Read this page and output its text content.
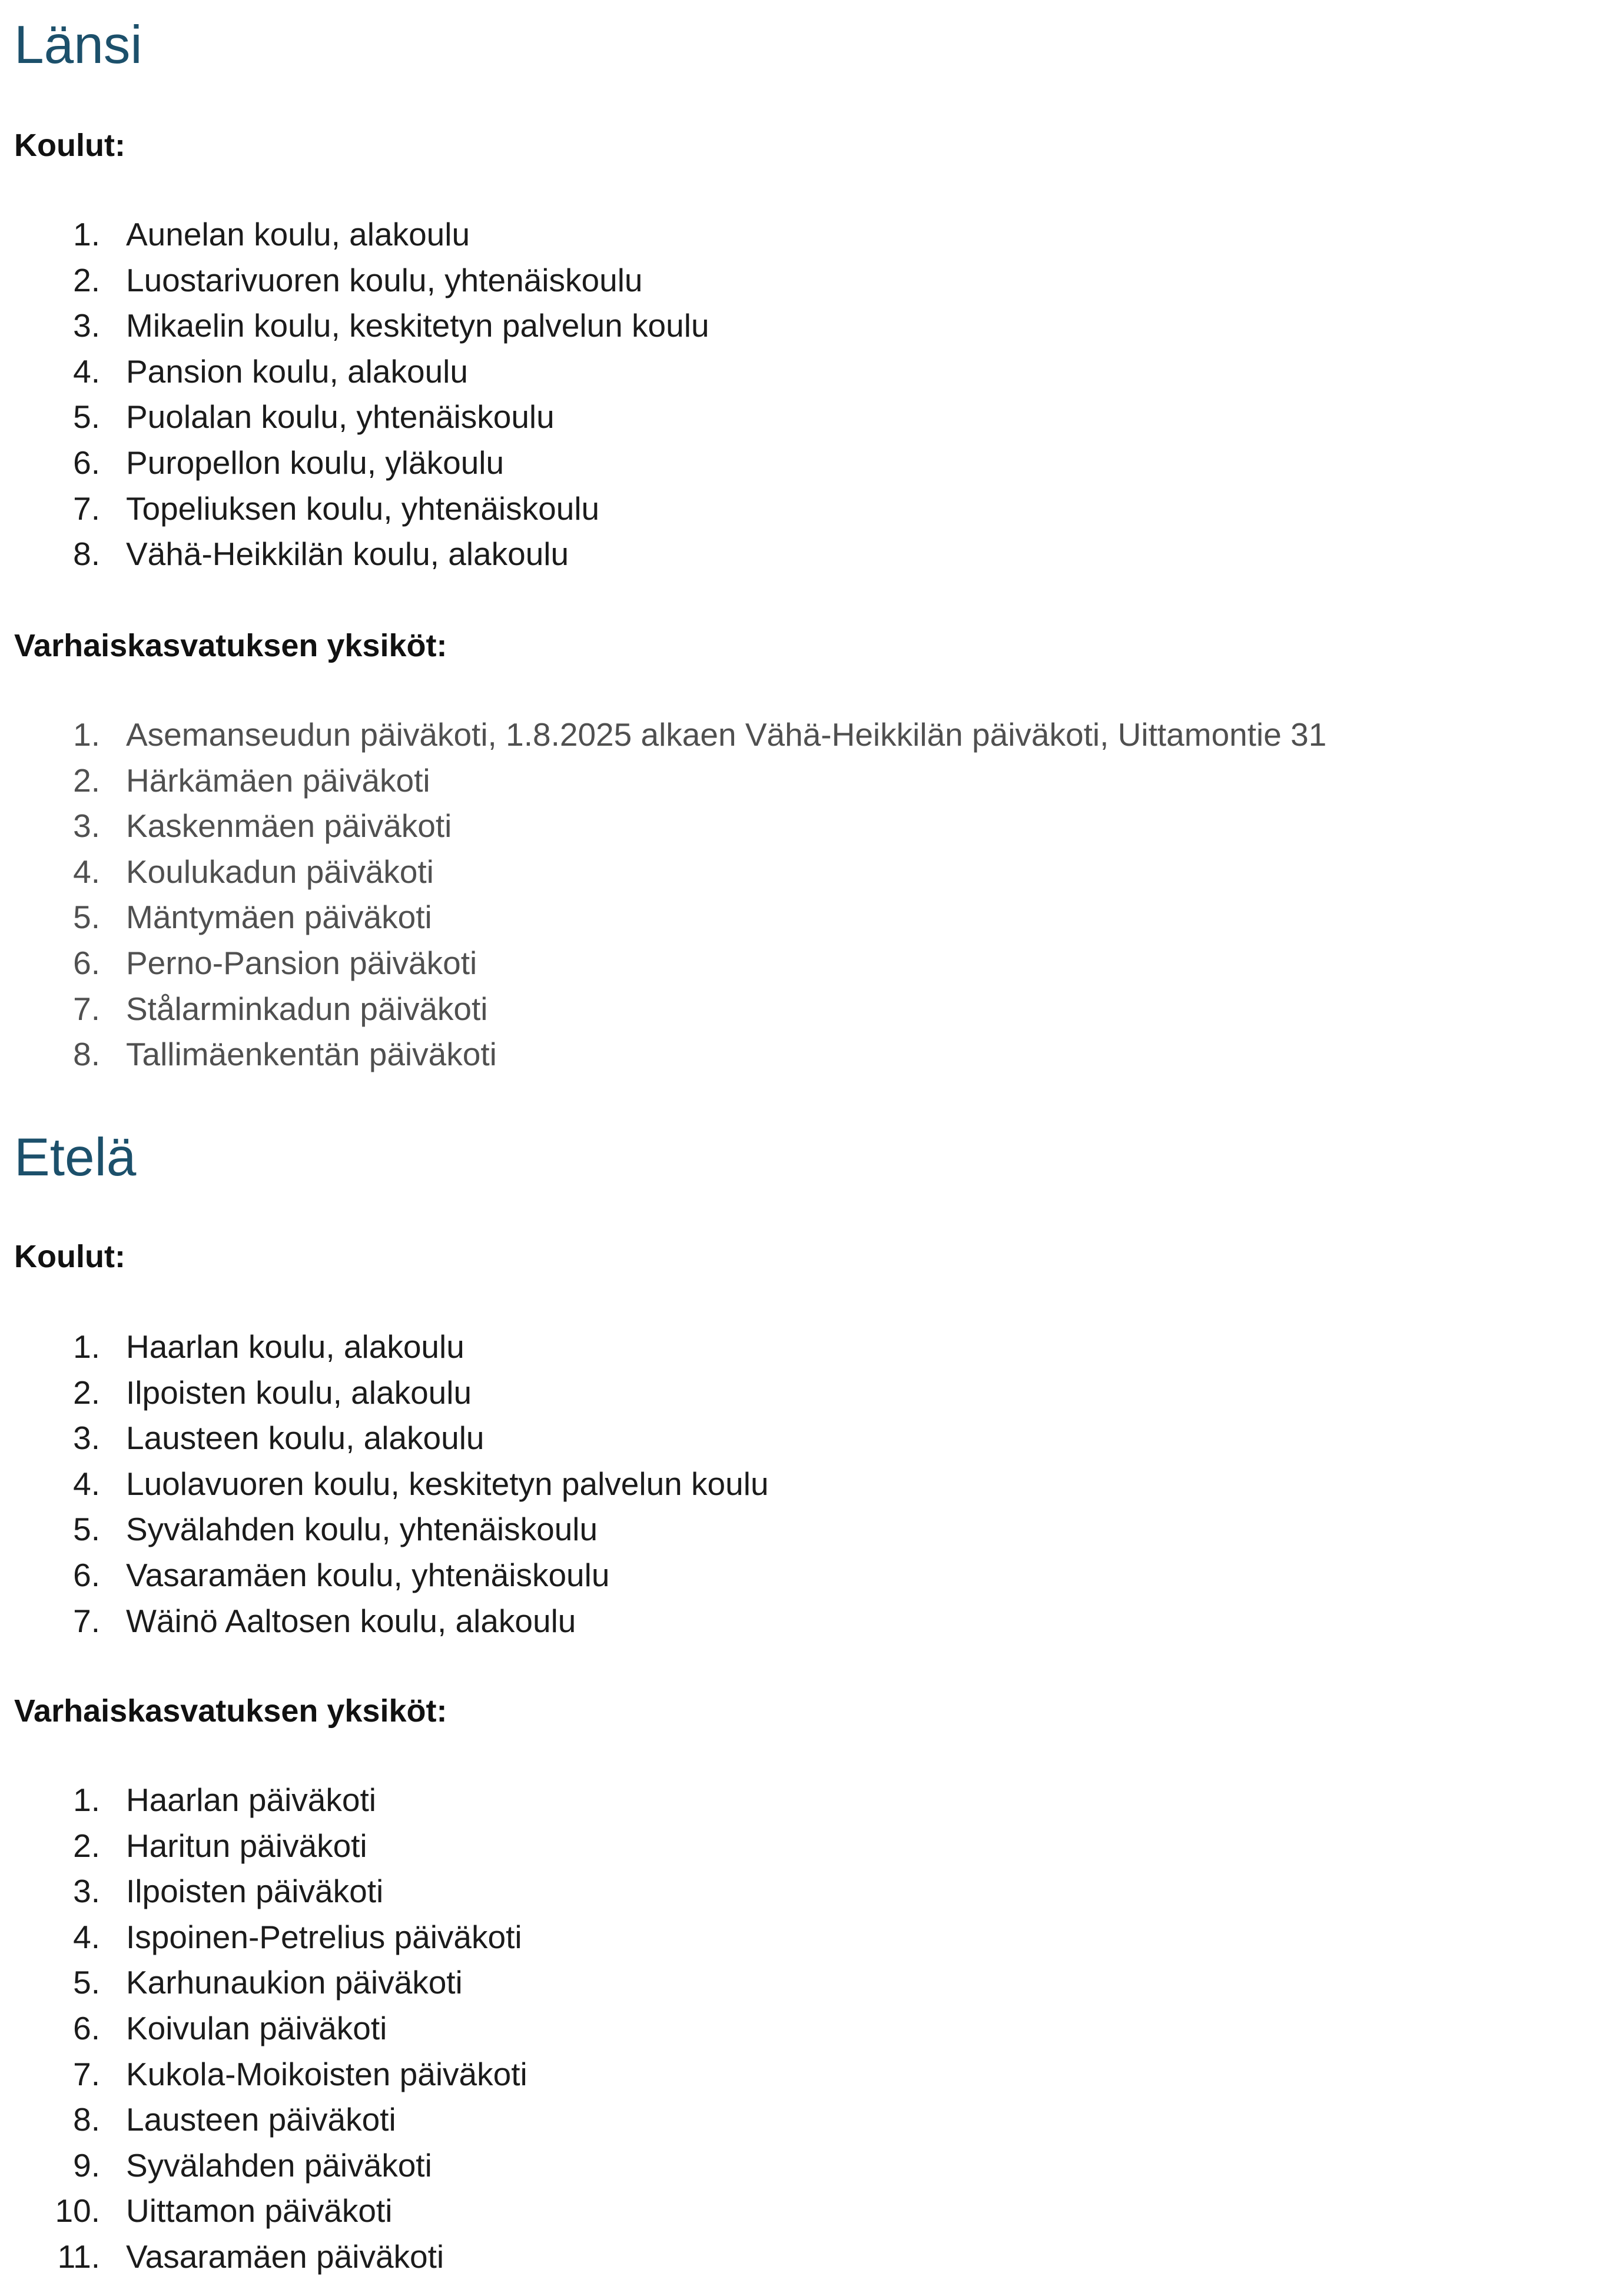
Länsi
Koulut:
1. Aunelan koulu, alakoulu
2. Luostarivuoren koulu, yhtenäiskoulu
3. Mikaelin koulu, keskitetyn palvelun koulu
4. Pansion koulu, alakoulu
5. Puolalan koulu, yhtenäiskoulu
6. Puropellon koulu, yläkoulu
7. Topeliuksen koulu, yhtenäiskoulu
8. Vähä-Heikkilän koulu, alakoulu
Varhaiskasvatuksen yksiköt:
1. Asemanseudun päiväkoti, 1.8.2025 alkaen Vähä-Heikkilän päiväkoti, Uittamontie 31
2. Härkämäen päiväkoti
3. Kaskenmäen päiväkoti
4. Koulukadun päiväkoti
5. Mäntymäen päiväkoti
6. Perno-Pansion päiväkoti
7. Stålarminkadun päiväkoti
8. Tallimäenkentän päiväkoti
Etelä
Koulut:
1. Haarlan koulu, alakoulu
2. Ilpoisten koulu, alakoulu
3. Lausteen koulu, alakoulu
4. Luolavuoren koulu, keskitetyn palvelun koulu
5. Syvälahden koulu, yhtenäiskoulu
6. Vasaramäen koulu, yhtenäiskoulu
7. Wäinö Aaltosen koulu, alakoulu
Varhaiskasvatuksen yksiköt:
1. Haarlan päiväkoti
2. Haritun päiväkoti
3. Ilpoisten päiväkoti
4. Ispoinen-Petrelius päiväkoti
5. Karhunaukion päiväkoti
6. Koivulan päiväkoti
7. Kukola-Moikoisten päiväkoti
8. Lausteen päiväkoti
9. Syvälahden päiväkoti
10. Uittamon päiväkoti
11. Vasaramäen päiväkoti
